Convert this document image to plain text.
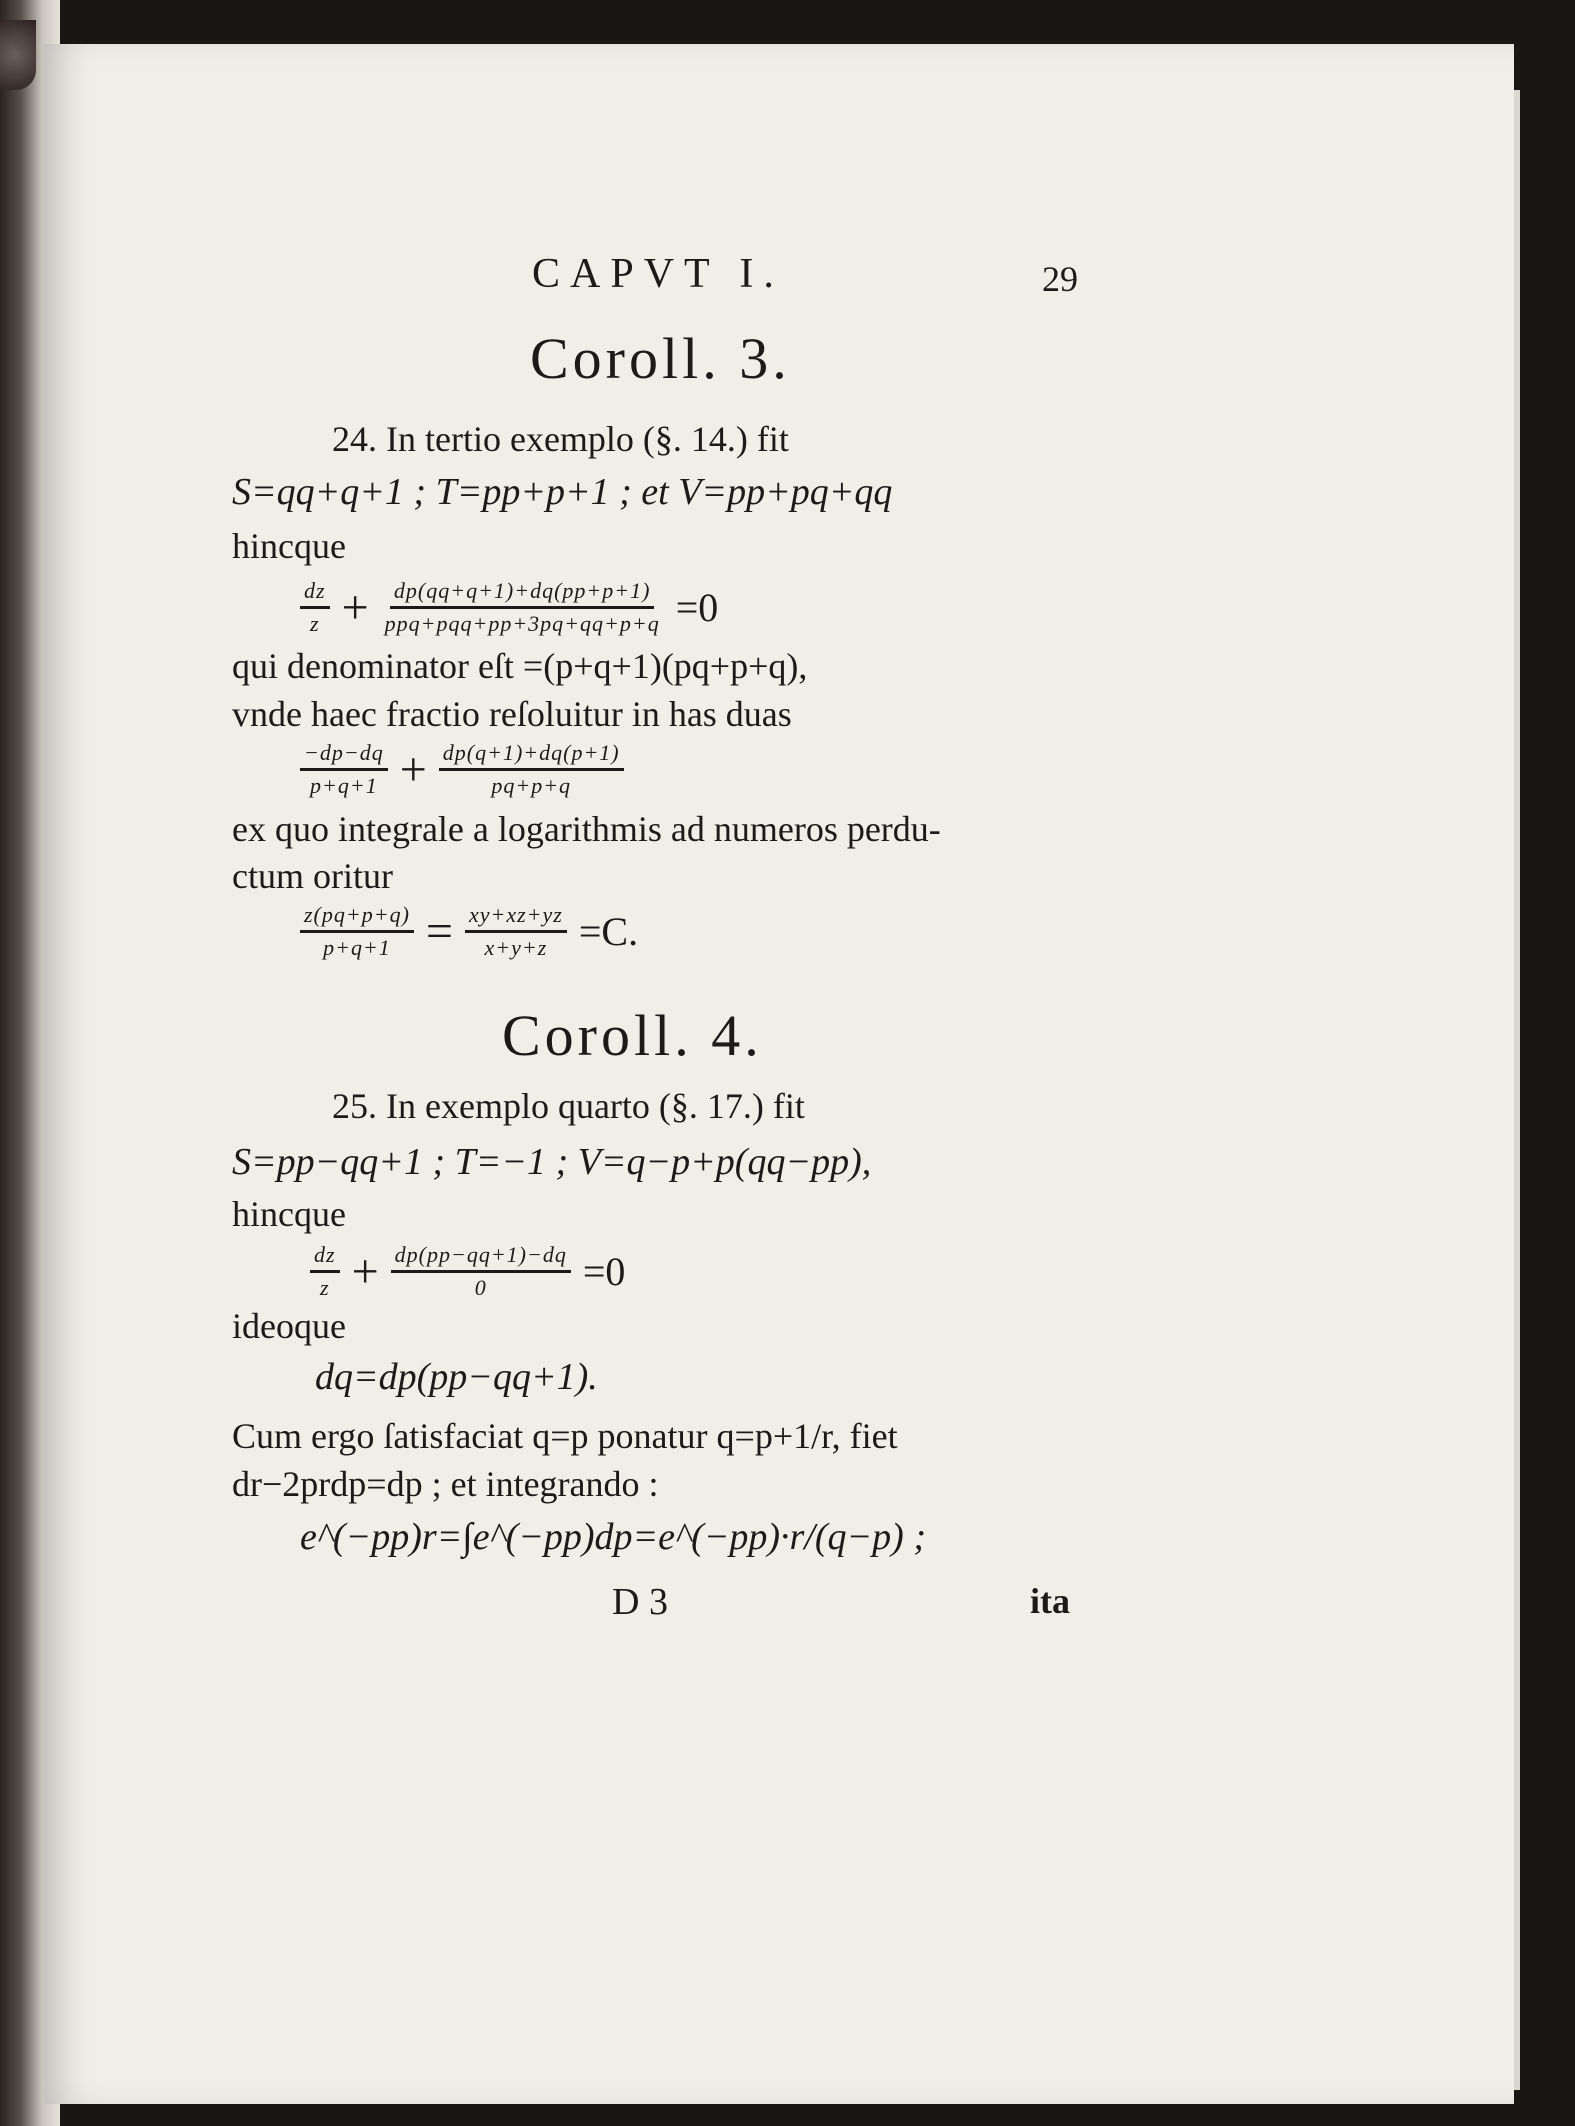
CAPVT I.	29
Coroll. 3.
24. In tertio exemplo (§. 14.) fit
S=qq+q+1 ; T=pp+p+1 ; et V=pp+pq+qq
hincque
$\frac{dz}{z} + \frac{dp(qq+q+1)+dq(pp+p+1)}{\text{ppq+pqq+pp+3pq+qq+p+q}} =0$
qui denominator eſt =(p+q+1)(pq+p+q),
vnde haec fractio reſoluitur in has duas
$\frac{-dp-dq}{p+q+1} + \frac{dp(q+1)+dq(p+1)}{pq+p+q}$
ex quo integrale a logarithmis ad numeros perdu-
ctum oritur
$\frac{z(pq+p+q)}{p+q+1} = \frac{xy+xz+yz}{x+y+z} =C$.
Coroll. 4.
25. In exemplo quarto (§. 17.) fit
S=pp−qq+1 ; T=−1 ; V=q−p+p(qq−pp),
hincque
$\frac{dz}{z} + \frac{dp(pp-qq+1)-dq}{0} =0$
ideoque
dq=dp(pp−qq+1).
Cum ergo ſatisfaciat q=p ponatur q=p+1/r, fiet
dr−2prdp=dp ; et integrando :
e^(−pp)r=∫e^(−pp)dp=e^(−pp)·r/(q−p) ;
D 3	ita
